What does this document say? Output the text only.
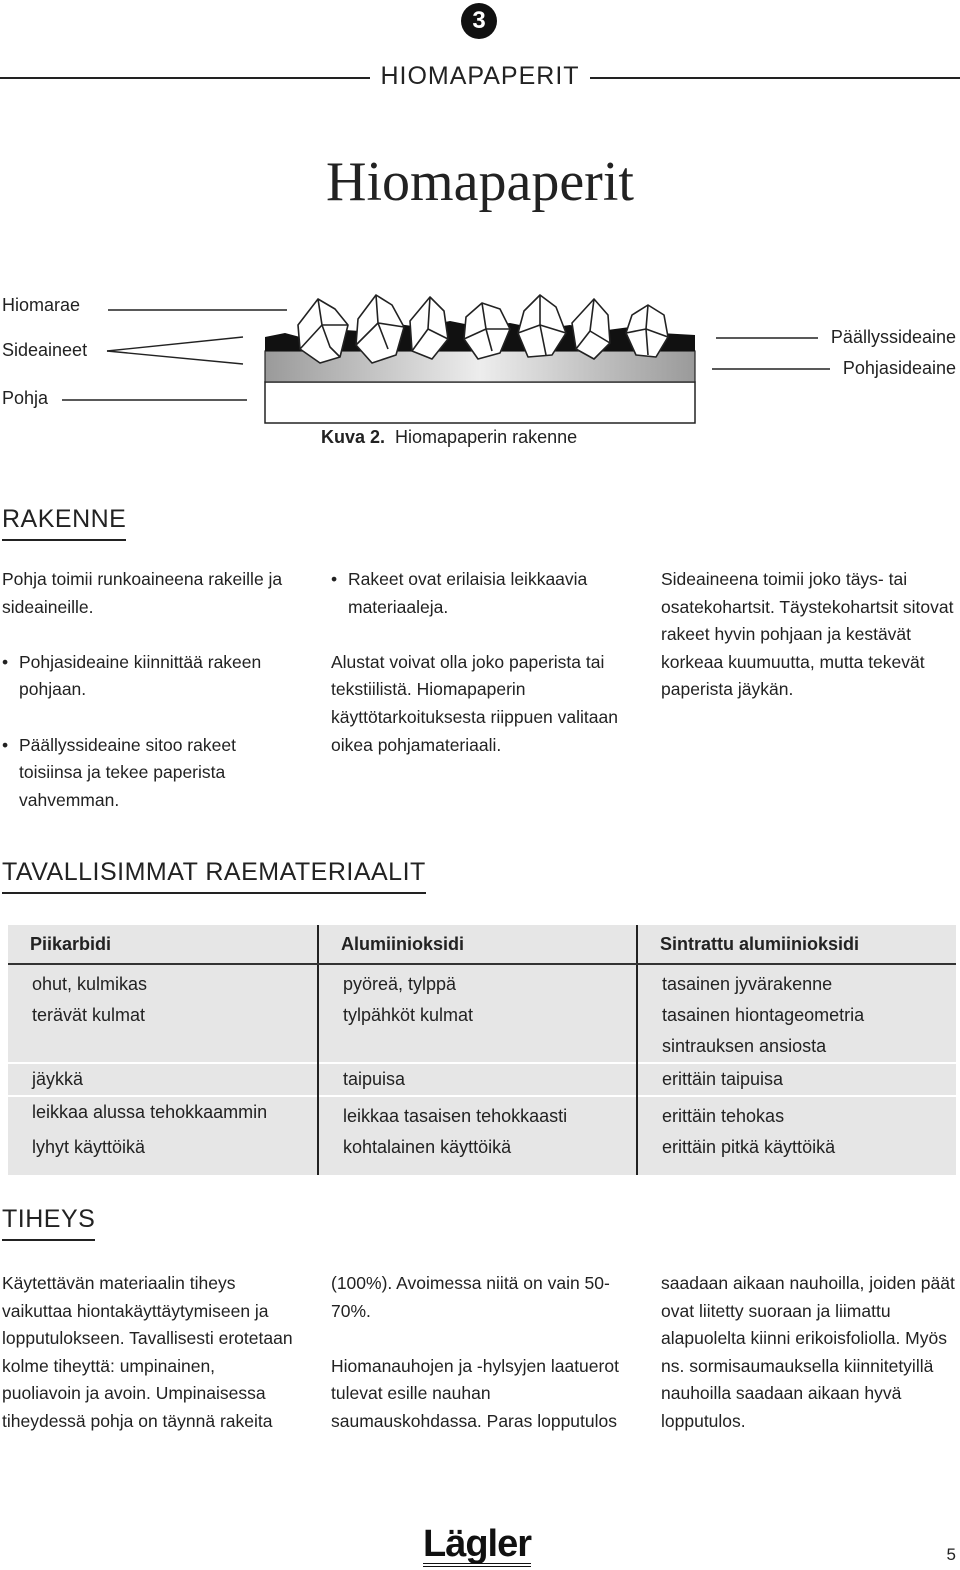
3
HIOMAPAPERIT
Hiomapaperit
Hiomarae
Sideaineet
Pohja
Päällyssideaine
Pohjasideaine
Kuva 2. Hiomapaperin rakenne
RAKENNE

Pohja toimii runkoaineena rakeille ja sideaineille.

• Pohjasideaine kiinnittää rakeen pohjaan.

• Päällyssideaine sitoo rakeet toisiinsa ja tekee paperista vahvemman.

• Rakeet ovat erilaisia leikkaavia materiaaleja.

Alustat voivat olla joko paperista tai tekstiilistä. Hiomapaperin käyttötarkoituksesta riippuen valitaan oikea pohjamateriaali.

Sideaineena toimii joko täys- tai osatekohartsit. Täystekohartsit sitovat rakeet hyvin pohjaan ja kestävät korkeaa kuumuutta, mutta tekevät paperista jäykän.

TAVALLISIMMAT RAEMATERIAALIT
Piikarbidi	Alumiinioksidi	Sintrattu alumiinioksidi
ohut, kulmikas	pyöreä, tylppä	tasainen jyvärakenne
terävät kulmat	tylpähköt kulmat	tasainen hiontageometria
		sintrauksen ansiosta
jäykkä	taipuisa	erittäin taipuisa
leikkaa alussa tehokkaammin	leikkaa tasaisen tehokkaasti	erittäin tehokas
lyhyt käyttöikä	kohtalainen käyttöikä	erittäin pitkä käyttöikä
TIHEYS

Käytettävän materiaalin tiheys vaikuttaa hiontakäyttäytymiseen ja lopputulokseen. Tavallisesti erotetaan kolme tiheyttä: umpinainen, puoliavoin ja avoin. Umpinaisessa tiheydessä pohja on täynnä rakeita

(100%). Avoimessa niitä on vain 50-70%.

Hiomanauhojen ja -hylsyjen laatuerot tulevat esille nauhan saumauskohdassa. Paras lopputulos

saadaan aikaan nauhoilla, joiden päät ovat liitetty suoraan ja liimattu alapuolelta kiinni erikoisfoliolla. Myös ns. sormisaumauksella kiinnitetyillä nauhoilla saadaan aikaan hyvä lopputulos.

Lägler	5
